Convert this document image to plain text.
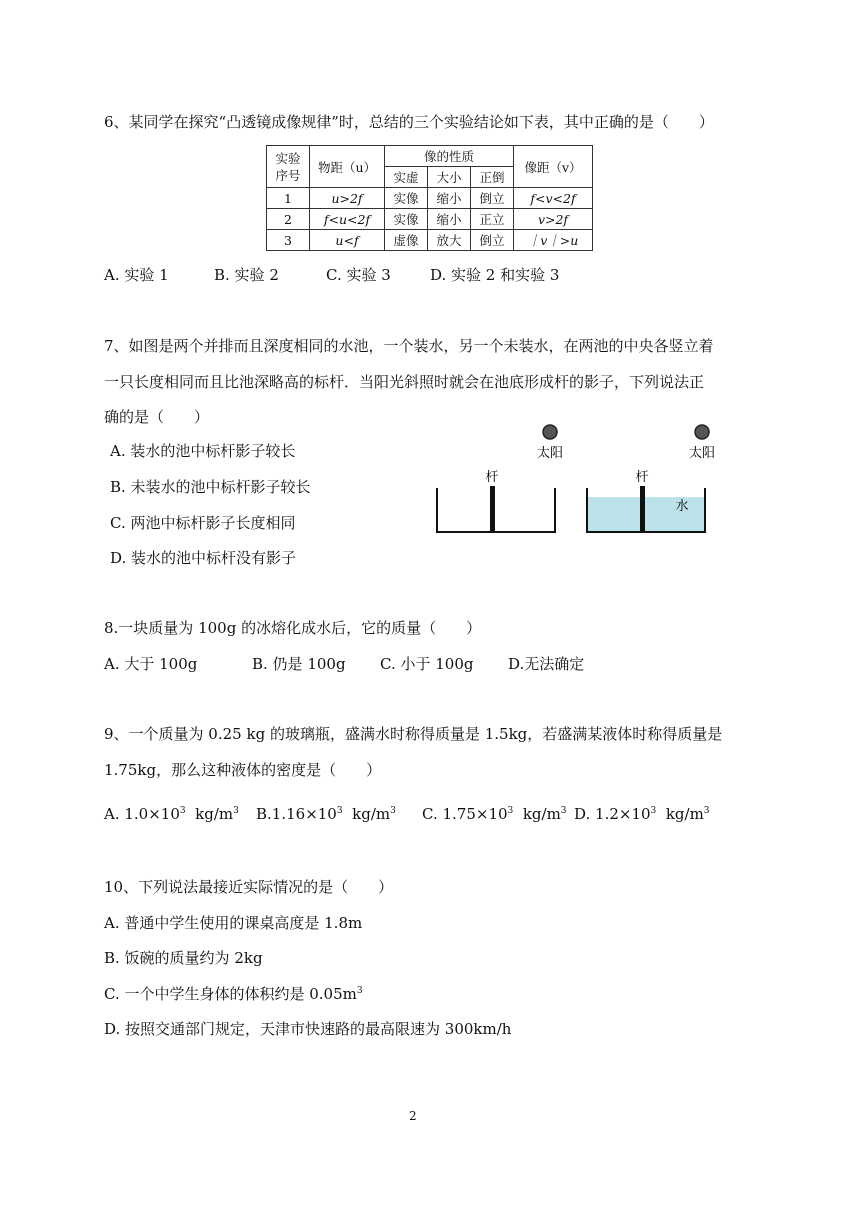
6、某同学在探究“凸透镜成像规律”时，总结的三个实验结论如下表，其中正确的是（　　）
实验
序号	物距（u）	像的性质			像距（v）
		实虚	大小	正倒	
1	u>2f	实像	缩小	倒立	f<v<2f
2	f<u<2f	实像	缩小	正立	v>2f
3	u<f	虚像	放大	倒立	｜v｜>u
A. 实验 1	B. 实验 2	C. 实验 3	D. 实验 2 和实验 3
7、如图是两个并排而且深度相同的水池，一个装水，另一个未装水，在两池的中央各竖立着
一只长度相同而且比池深略高的标杆．当阳光斜照时就会在池底形成杆的影子，下列说法正
确的是（　　）
A. 装水的池中标杆影子较长
B. 未装水的池中标杆影子较长
C. 两池中标杆影子长度相同
D. 装水的池中标杆没有影子
太阳	太阳
杆	杆
水
8.一块质量为 100g 的冰熔化成水后，它的质量（　　）
A. 大于 100g	B. 仍是 100g C. 小于 100g D.无法确定
9、一个质量为 0.25 kg 的玻璃瓶，盛满水时称得质量是 1.5kg，若盛满某液体时称得质量是
1.75kg，那么这种液体的密度是（　　）
A. $1.0\times 10^3$ $kg/m^3$ $B.1.16\times 10^3$ $kg/m^3$ C. $1.75\times 10^3$ $kg/m^3$ D. $1.2\times 10^3$ $kg/m^3$
10、下列说法最接近实际情况的是（　　）
A. 普通中学生使用的课桌高度是 1.8m
B. 饭碗的质量约为 2kg
C. 一个中学生身体的体积约是 $0.05m^3$
D. 按照交通部门规定，天津市快速路的最高限速为 300km/h
2
